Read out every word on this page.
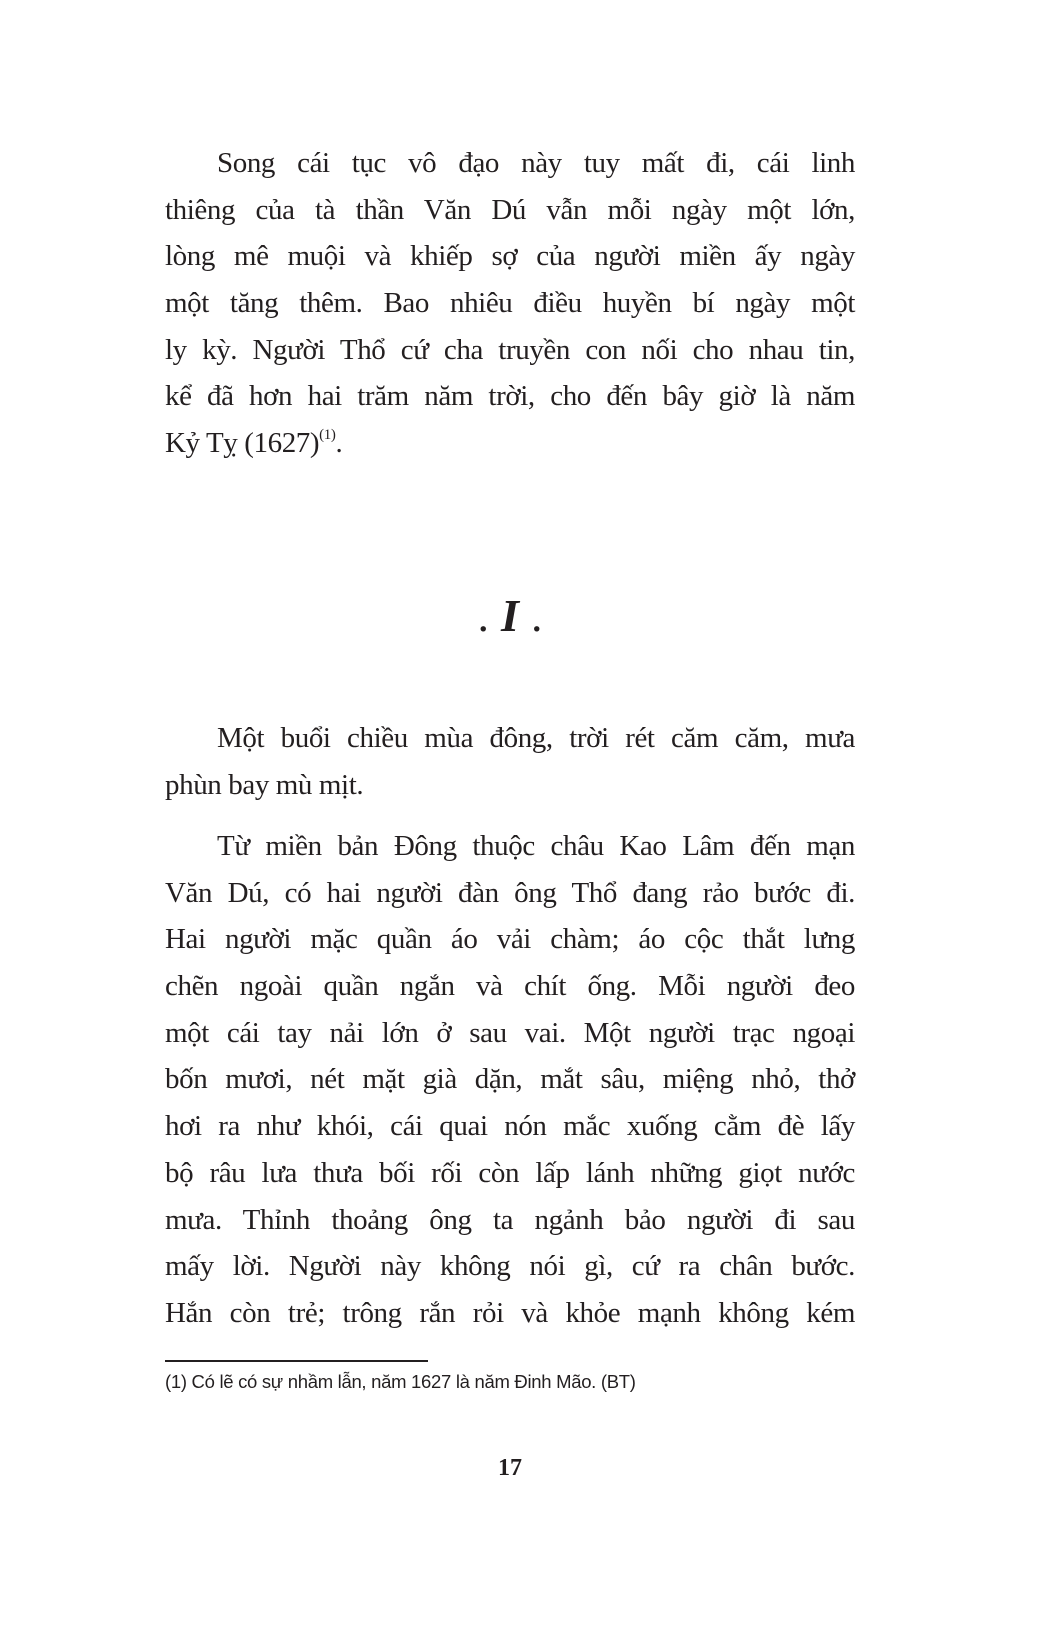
Song cái tục vô đạo này tuy mất đi, cái linh
thiêng của tà thần Văn Dú vẫn mỗi ngày một lớn,
lòng mê muội và khiếp sợ của người miền ấy ngày
một tăng thêm. Bao nhiêu điều huyền bí ngày một
ly kỳ. Người Thổ cứ cha truyền con nối cho nhau tin,
kể đã hơn hai trăm năm trời, cho đến bây giờ là năm
Kỷ Tỵ $(1627)^{(1)}$.
. I .
Một buổi chiều mùa đông, trời rét căm căm, mưa
phùn bay mù mịt.
Từ miền bản Đông thuộc châu Kao Lâm đến mạn
Văn Dú, có hai người đàn ông Thổ đang rảo bước đi.
Hai người mặc quần áo vải chàm; áo cộc thắt lưng
chẽn ngoài quần ngắn và chít ống. Mỗi người đeo
một cái tay nải lớn ở sau vai. Một người trạc ngoại
bốn mươi, nét mặt già dặn, mắt sâu, miệng nhỏ, thở
hơi ra như khói, cái quai nón mắc xuống cằm đè lấy
bộ râu lưa thưa bối rối còn lấp lánh những giọt nước
mưa. Thỉnh thoảng ông ta ngảnh bảo người đi sau
mấy lời. Người này không nói gì, cứ ra chân bước.
Hắn còn trẻ; trông rắn rỏi và khỏe mạnh không kém
(1) Có lẽ có sự nhầm lẫn, năm 1627 là năm Đinh Mão. (BT)
17
